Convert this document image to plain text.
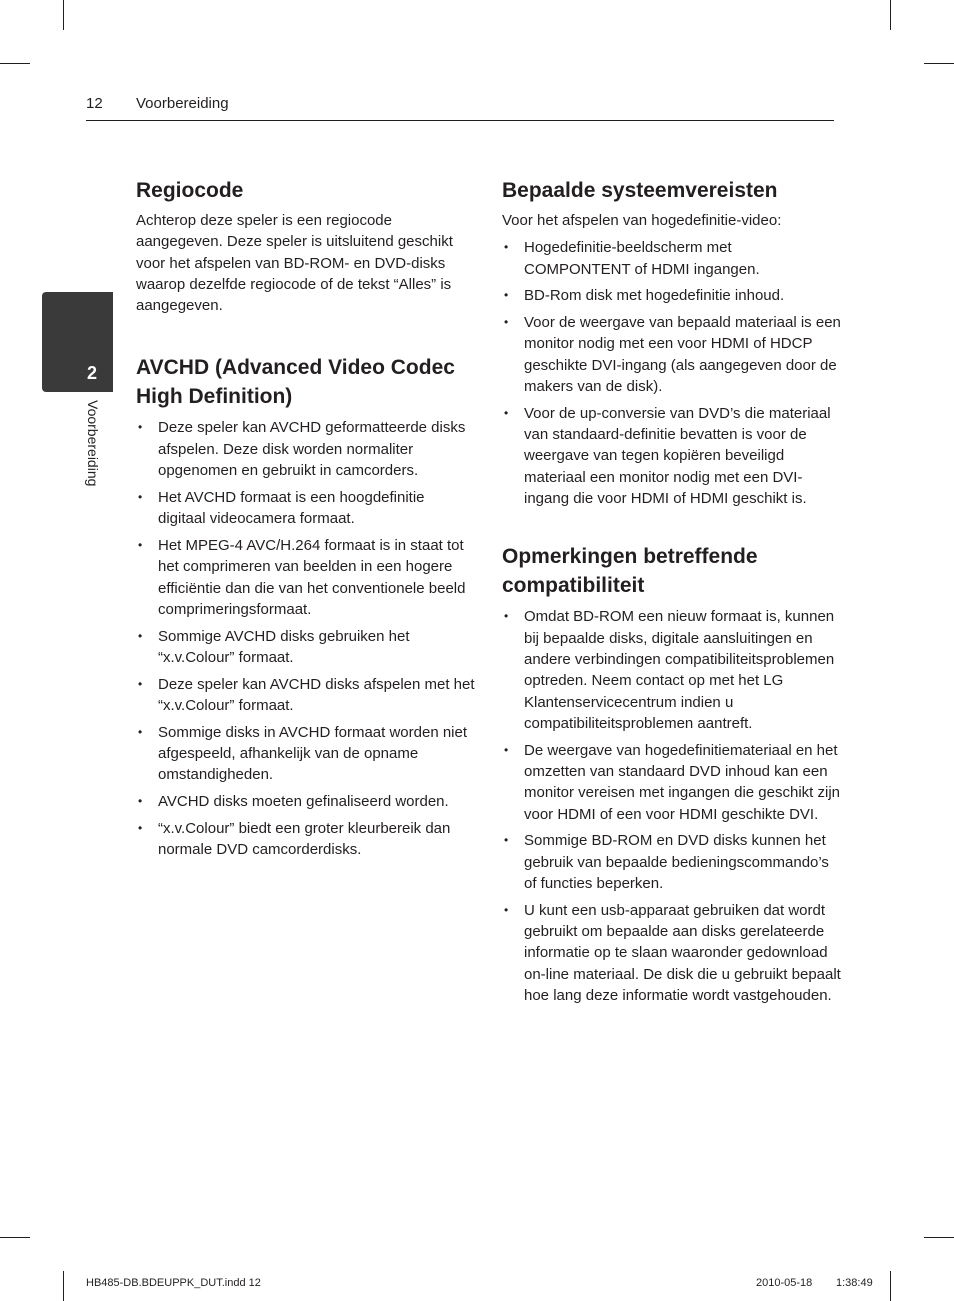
12 Voorbereiding
2
Voorbereiding
Regiocode

Achterop deze speler is een regiocode aangegeven. Deze speler is uitsluitend geschikt voor het afspelen van BD-ROM- en DVD-disks waarop dezelfde regiocode of de tekst “Alles” is aangegeven.

AVCHD (Advanced Video Codec High Definition)
• Deze speler kan AVCHD geformatteerde disks afspelen. Deze disk worden normaliter opgenomen en gebruikt in camcorders.
• Het AVCHD formaat is een hoogdefinitie digitaal videocamera formaat.
• Het MPEG-4 AVC/H.264 formaat is in staat tot het comprimeren van beelden in een hogere efficiëntie dan die van het conventionele beeld comprimeringsformaat.
• Sommige AVCHD disks gebruiken het “x.v.Colour” formaat.
• Deze speler kan AVCHD disks afspelen met het “x.v.Colour” formaat.
• Sommige disks in AVCHD formaat worden niet afgespeeld, afhankelijk van de opname omstandigheden.
• AVCHD disks moeten gefinaliseerd worden.
• “x.v.Colour” biedt een groter kleurbereik dan normale DVD camcorderdisks.
Bepaalde systeemvereisten

Voor het afspelen van hogedefinitie-video:

• Hogedefinitie-beeldscherm met COMPONTENT of HDMI ingangen.
• BD-Rom disk met hogedefinitie inhoud.
• Voor de weergave van bepaald materiaal is een monitor nodig met een voor HDMI of HDCP geschikte DVI-ingang (als aangegeven door de makers van de disk).
• Voor de up-conversie van DVD’s die materiaal van standaard-definitie bevatten is voor de weergave van tegen kopiëren beveiligd materiaal een monitor nodig met een DVI-ingang die voor HDMI of HDMI geschikt is.
Opmerkingen betreffende compatibiliteit
• Omdat BD-ROM een nieuw formaat is, kunnen bij bepaalde disks, digitale aansluitingen en andere verbindingen compatibiliteitsproblemen optreden. Neem contact op met het LG Klantenservicecentrum indien u compatibiliteitsproblemen aantreft.
• De weergave van hogedefinitiemateriaal en het omzetten van standaard DVD inhoud kan een monitor vereisen met ingangen die geschikt zijn voor HDMI of een voor HDMI geschikte DVI.
• Sommige BD-ROM en DVD disks kunnen het gebruik van bepaalde bedieningscommando’s of functies beperken.
• U kunt een usb-apparaat gebruiken dat wordt gebruikt om bepaalde aan disks gerelateerde informatie op te slaan waaronder gedownload on-line materiaal. De disk die u gebruikt bepaalt hoe lang deze informatie wordt vastgehouden.
HB485-DB.BDEUPPK_DUT.indd 12	2010-05-18 1:38:49
